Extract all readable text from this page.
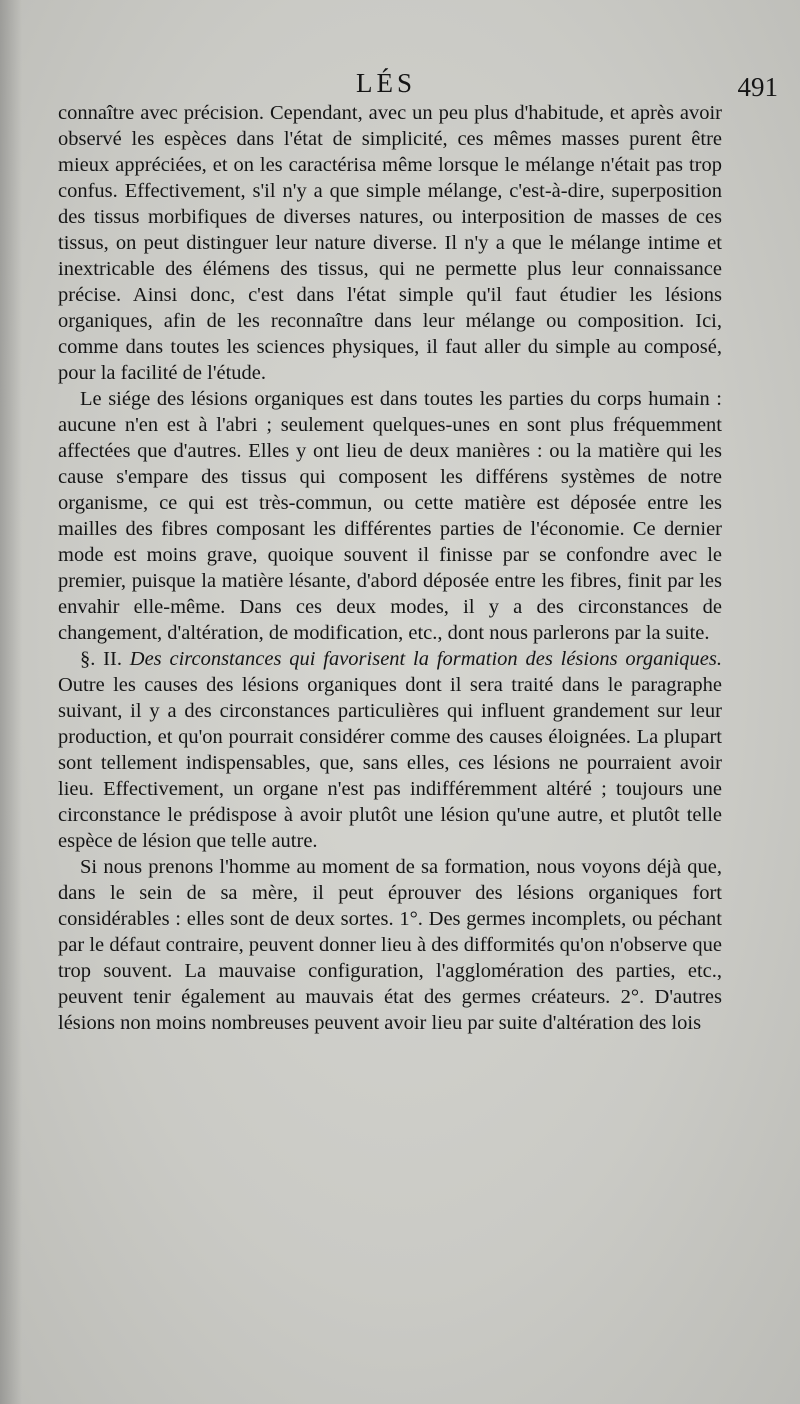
LÉS	491

connaître avec précision. Cependant, avec un peu plus d'habitude, et après avoir observé les espèces dans l'état de simplicité, ces mêmes masses purent être mieux appréciées, et on les caractérisa même lorsque le mélange n'était pas trop confus. Effectivement, s'il n'y a que simple mélange, c'est-à-dire, superposition des tissus morbifiques de diverses natures, ou interposition de masses de ces tissus, on peut distinguer leur nature diverse. Il n'y a que le mélange intime et inextricable des élémens des tissus, qui ne permette plus leur connaissance précise. Ainsi donc, c'est dans l'état simple qu'il faut étudier les lésions organiques, afin de les reconnaître dans leur mélange ou composition. Ici, comme dans toutes les sciences physiques, il faut aller du simple au composé, pour la facilité de l'étude.

Le siége des lésions organiques est dans toutes les parties du corps humain : aucune n'en est à l'abri ; seulement quelques-unes en sont plus fréquemment affectées que d'autres. Elles y ont lieu de deux manières : ou la matière qui les cause s'empare des tissus qui composent les différens systèmes de notre organisme, ce qui est très-commun, ou cette matière est déposée entre les mailles des fibres composant les différentes parties de l'économie. Ce dernier mode est moins grave, quoique souvent il finisse par se confondre avec le premier, puisque la matière lésante, d'abord déposée entre les fibres, finit par les envahir elle-même. Dans ces deux modes, il y a des circonstances de changement, d'altération, de modification, etc., dont nous parlerons par la suite.

§. II. Des circonstances qui favorisent la formation des lésions organiques. Outre les causes des lésions organiques dont il sera traité dans le paragraphe suivant, il y a des circonstances particulières qui influent grandement sur leur production, et qu'on pourrait considérer comme des causes éloignées. La plupart sont tellement indispensables, que, sans elles, ces lésions ne pourraient avoir lieu. Effectivement, un organe n'est pas indifféremment altéré ; toujours une circonstance le prédispose à avoir plutôt une lésion qu'une autre, et plutôt telle espèce de lésion que telle autre.

Si nous prenons l'homme au moment de sa formation, nous voyons déjà que, dans le sein de sa mère, il peut éprouver des lésions organiques fort considérables : elles sont de deux sortes. 1°. Des germes incomplets, ou péchant par le défaut contraire, peuvent donner lieu à des difformités qu'on n'observe que trop souvent. La mauvaise configuration, l'agglomération des parties, etc., peuvent tenir également au mauvais état des germes créateurs. 2°. D'autres lésions non moins nombreuses peuvent avoir lieu par suite d'altération des lois
